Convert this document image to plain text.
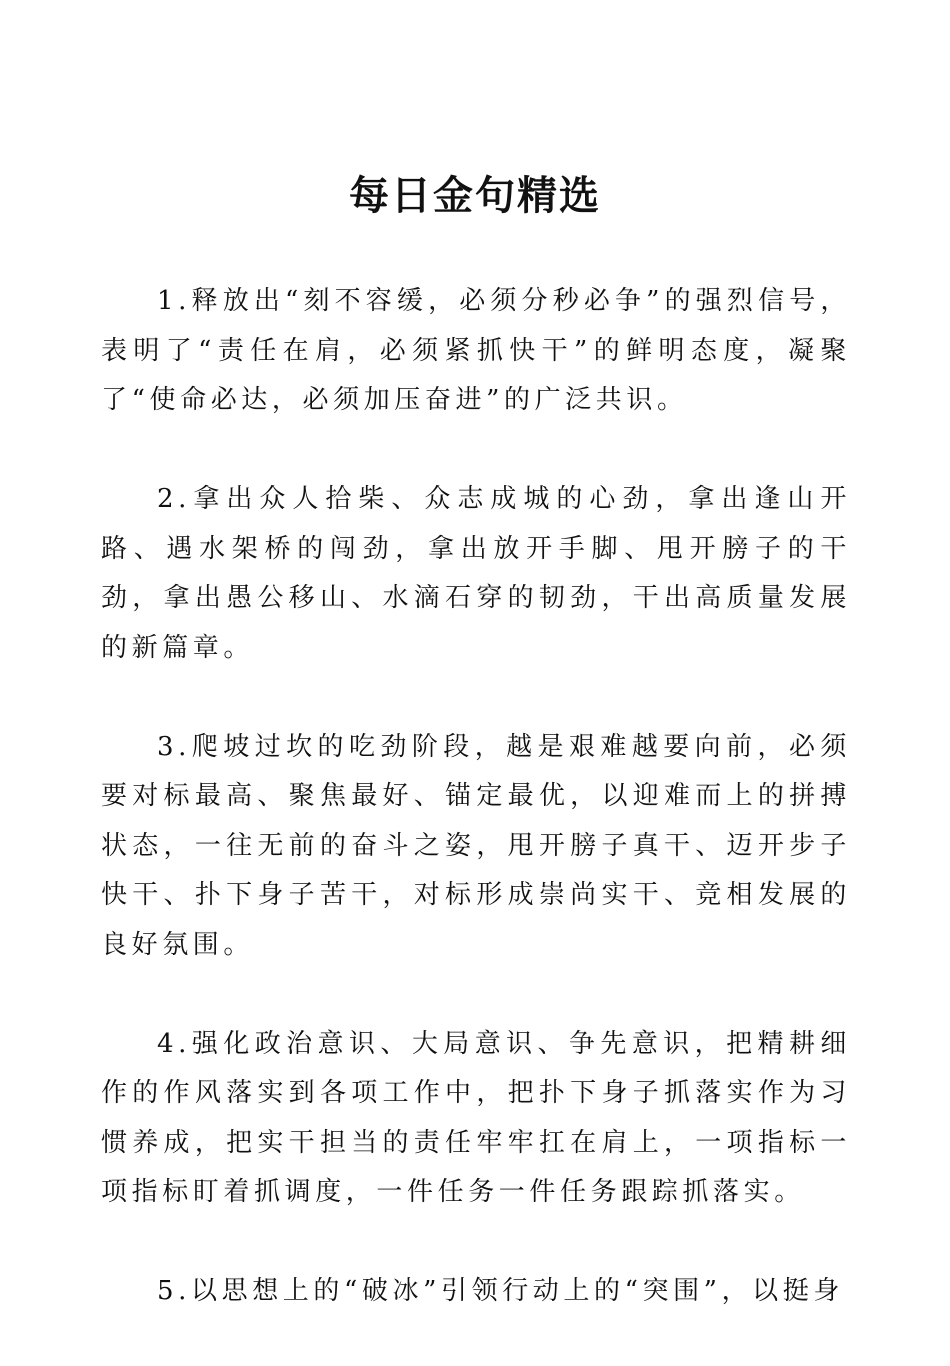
每日金句精选

1.释放出“刻不容缓，必须分秒必争”的强烈信号，表明了“责任在肩，必须紧抓快干”的鲜明态度，凝聚了“使命必达，必须加压奋进”的广泛共识。

2.拿出众人拾柴、众志成城的心劲，拿出逢山开路、遇水架桥的闯劲，拿出放开手脚、甩开膀子的干劲，拿出愚公移山、水滴石穿的韧劲，干出高质量发展的新篇章。

3.爬坡过坎的吃劲阶段，越是艰难越要向前，必须要对标最高、聚焦最好、锚定最优，以迎难而上的拼搏状态，一往无前的奋斗之姿，甩开膀子真干、迈开步子快干、扑下身子苦干，对标形成崇尚实干、竞相发展的良好氛围。

4.强化政治意识、大局意识、争先意识，把精耕细作的作风落实到各项工作中，把扑下身子抓落实作为习惯养成，把实干担当的责任牢牢扛在肩上，一项指标一项指标盯着抓调度，一件任务一件任务跟踪抓落实。

5.以思想上的“破冰”引领行动上的“突围”，以挺身
